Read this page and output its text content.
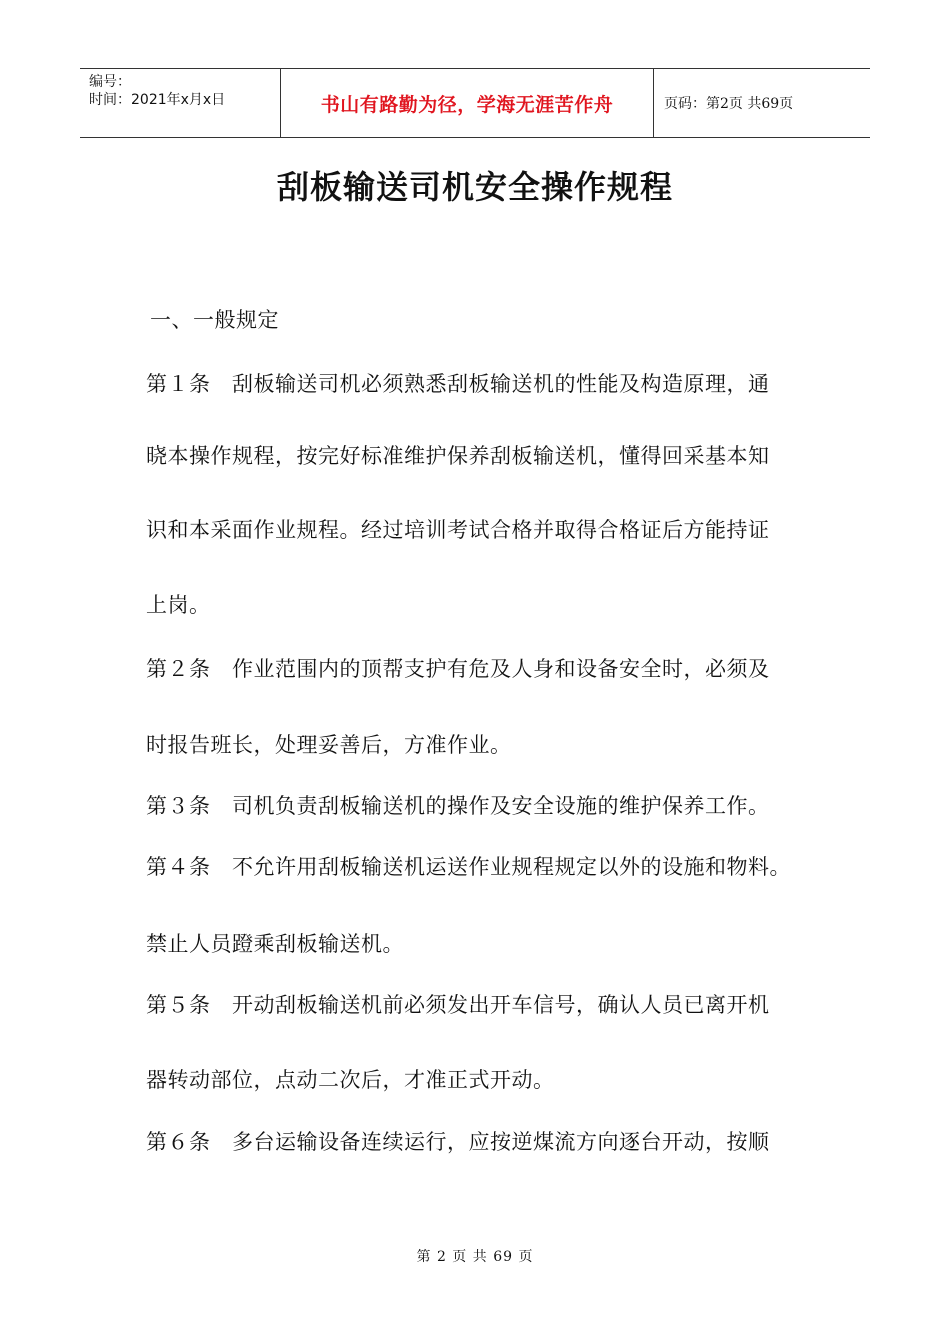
编号：
时间：2021年x月x日	书山有路勤为径，学海无涯苦作舟	页码：第2页 共69页
刮板输送司机安全操作规程
一、一般规定
第１条　刮板输送司机必须熟悉刮板输送机的性能及构造原理，通
晓本操作规程，按完好标准维护保养刮板输送机，懂得回采基本知
识和本采面作业规程。经过培训考试合格并取得合格证后方能持证
上岗。
第２条　作业范围内的顶帮支护有危及人身和设备安全时，必须及
时报告班长，处理妥善后，方准作业。
第３条　司机负责刮板输送机的操作及安全设施的维护保养工作。
第４条　不允许用刮板输送机运送作业规程规定以外的设施和物料。
禁止人员蹬乘刮板输送机。
第５条　开动刮板输送机前必须发出开车信号，确认人员已离开机
器转动部位，点动二次后，才准正式开动。
第６条　多台运输设备连续运行，应按逆煤流方向逐台开动，按顺
第 2 页 共 69 页
